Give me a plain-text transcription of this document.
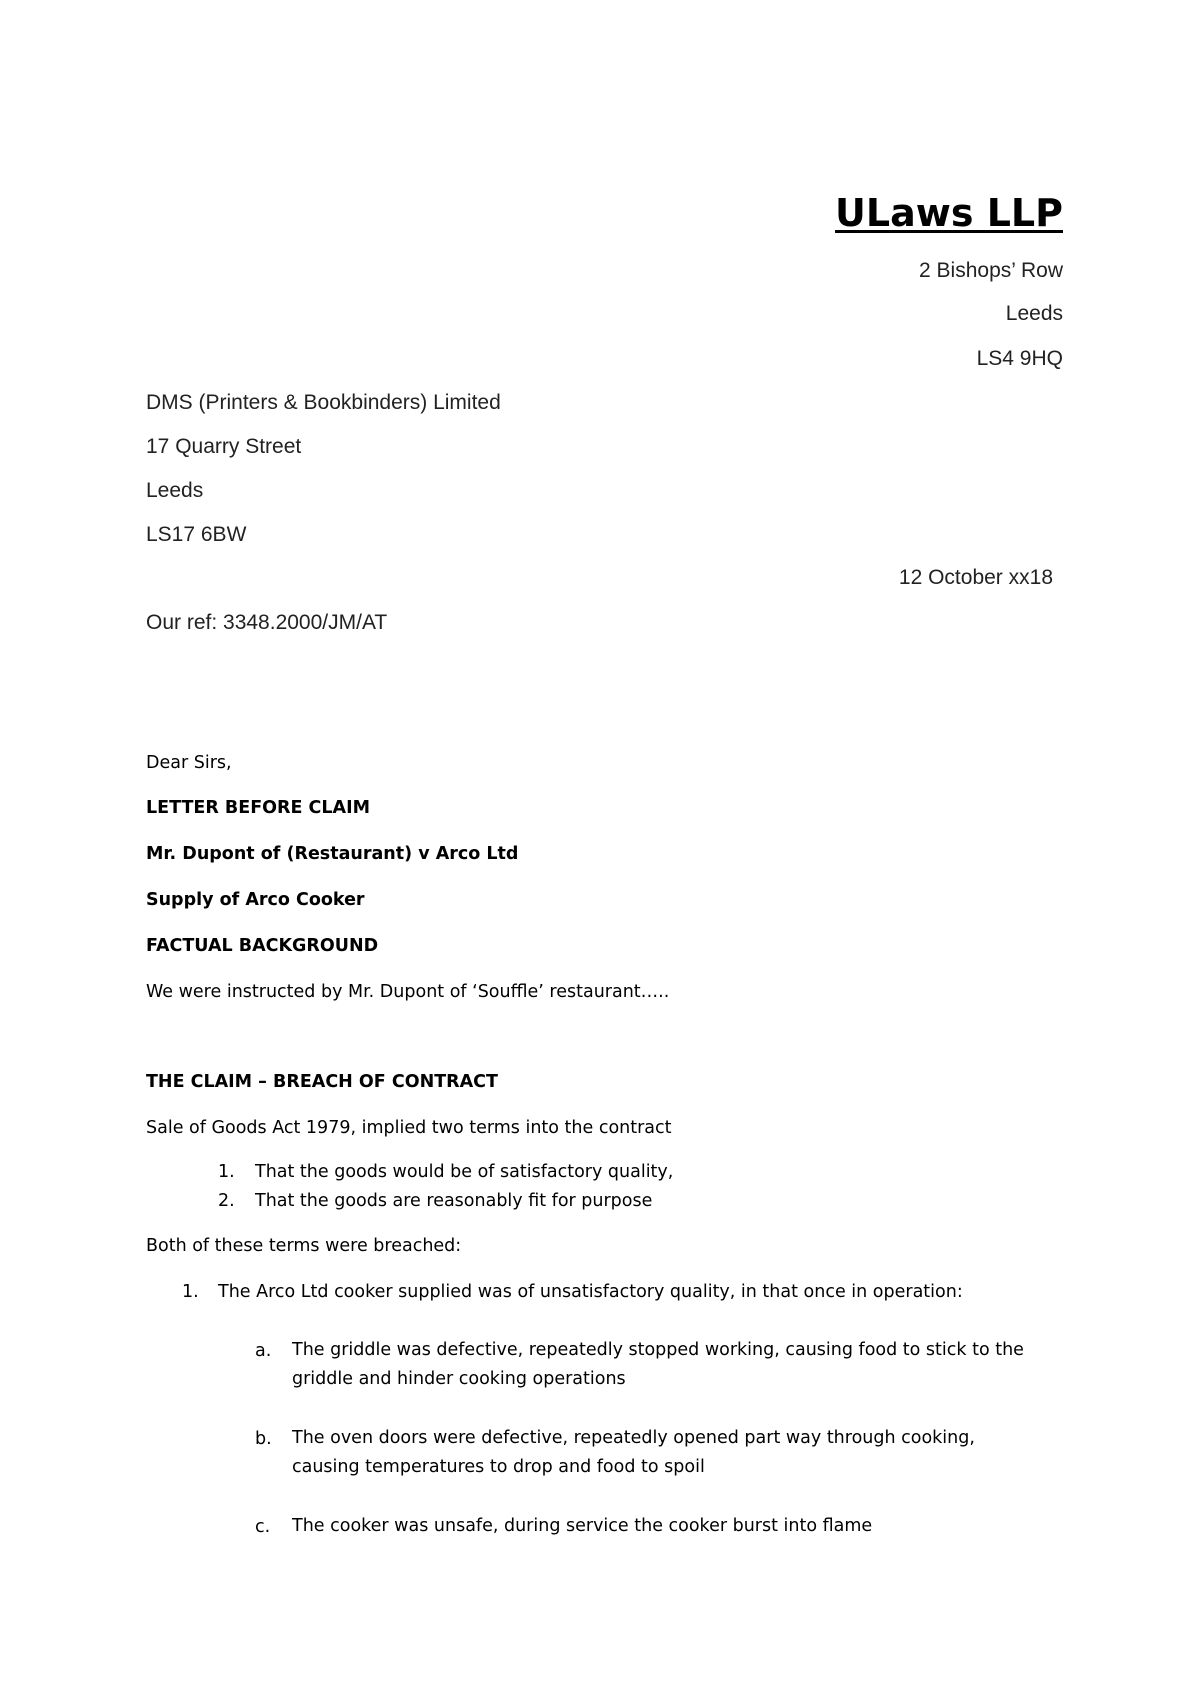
ULaws LLP
2 Bishops’ Row
Leeds
LS4 9HQ
DMS (Printers & Bookbinders) Limited
17 Quarry Street
Leeds
LS17 6BW
12 October xx18
Our ref: 3348.2000/JM/AT
Dear Sirs,
LETTER BEFORE CLAIM
Mr. Dupont of (Restaurant) v Arco Ltd
Supply of Arco Cooker
FACTUAL BACKGROUND
We were instructed by Mr. Dupont of ‘Souffle’ restaurant…..
THE CLAIM – BREACH OF CONTRACT
Sale of Goods Act 1979, implied two terms into the contract
1. That the goods would be of satisfactory quality,
2. That the goods are reasonably fit for purpose
Both of these terms were breached:
1. The Arco Ltd cooker supplied was of unsatisfactory quality, in that once in operation:
a. The griddle was defective, repeatedly stopped working, causing food to stick to the griddle and hinder cooking operations
b. The oven doors were defective, repeatedly opened part way through cooking, causing temperatures to drop and food to spoil
c. The cooker was unsafe, during service the cooker burst into flame
